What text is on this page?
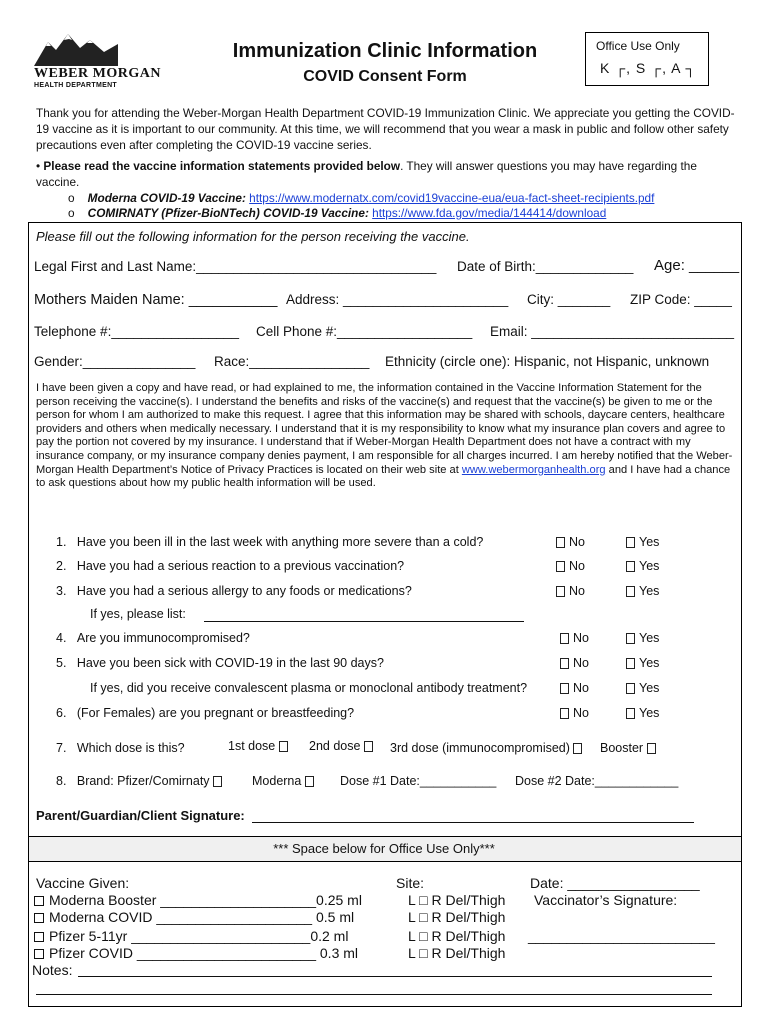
WEBER MORGAN
HEALTH DEPARTMENT
Immunization Clinic Information
COVID Consent Form
Office Use Only
K ┌, S ┌, A ┐
Thank you for attending the Weber-Morgan Health Department COVID-19 Immunization Clinic. We appreciate you getting the COVID-19 vaccine as it is important to our community. At this time, we will recommend that you wear a mask in public and follow other safety precautions even after completing the COVID-19 vaccine series.
• Please read the vaccine information statements provided below. They will answer questions you may have regarding the vaccine.
o    Moderna COVID-19 Vaccine: https://www.modernatx.com/covid19vaccine-eua/eua-fact-sheet-recipients.pdf
o    COMIRNATY (Pfizer-BioNTech) COVID-19 Vaccine: https://www.fda.gov/media/144414/download
Please fill out the following information for the person receiving the vaccine.
Legal First and Last Name:________________________________ Date of Birth:_____________ Age: ______
Mothers Maiden Name: ___________ Address: ______________________ City: _______ ZIP Code: _____
Telephone #:_________________ Cell Phone #:__________________ Email: ___________________________
Gender:_______________ Race:________________ Ethnicity (circle one): Hispanic, not Hispanic, unknown
I have been given a copy and have read, or had explained to me, the information contained in the Vaccine Information Statement for the person receiving the vaccine(s). I understand the benefits and risks of the vaccine(s) and request that the vaccine(s) be given to me or the person for whom I am authorized to make this request. I agree that this information may be shared with schools, daycare centers, healthcare providers and others when medically necessary. I understand that it is my responsibility to know what my insurance plan covers and agree to pay the portion not covered by my insurance. I understand that if Weber-Morgan Health Department does not have a contract with my insurance company, or my insurance company denies payment, I am responsible for all charges incurred. I am hereby notified that the Weber-Morgan Health Department’s Notice of Privacy Practices is located on their web site at www.webermorganhealth.org and I have had a chance to ask questions about how my public health information will be used.
1. Have you been ill in the last week with anything more severe than a cold?	No	Yes
2. Have you had a serious reaction to a previous vaccination?	No	Yes
3. Have you had a serious allergy to any foods or medications?	No	Yes
If yes, please list:
4. Are you immunocompromised?	No	Yes
5. Have you been sick with COVID-19 in the last 90 days?	No	Yes
If yes, did you receive convalescent plasma or monoclonal antibody treatment?	No	Yes
6. (For Females) are you pregnant or breastfeeding?	No	Yes
7. Which dose is this?	1st dose	2nd dose	3rd dose (immunocompromised)	Booster
8. Brand: Pfizer/Comirnaty	Moderna	Dose #1 Date:___________ Dose #2 Date:____________
Parent/Guardian/Client Signature:
*** Space below for Office Use Only***
Vaccine Given:	Site:	Date: _________________
Vaccinator’s Signature:
________________________
Moderna Booster ____________________0.25 ml	L □ R Del/Thigh
Moderna COVID ____________________ 0.5 ml	L □ R Del/Thigh
Pfizer 5-11yr _______________________0.2 ml	L □ R Del/Thigh
Pfizer COVID _______________________ 0.3 ml	L □ R Del/Thigh
Notes:
